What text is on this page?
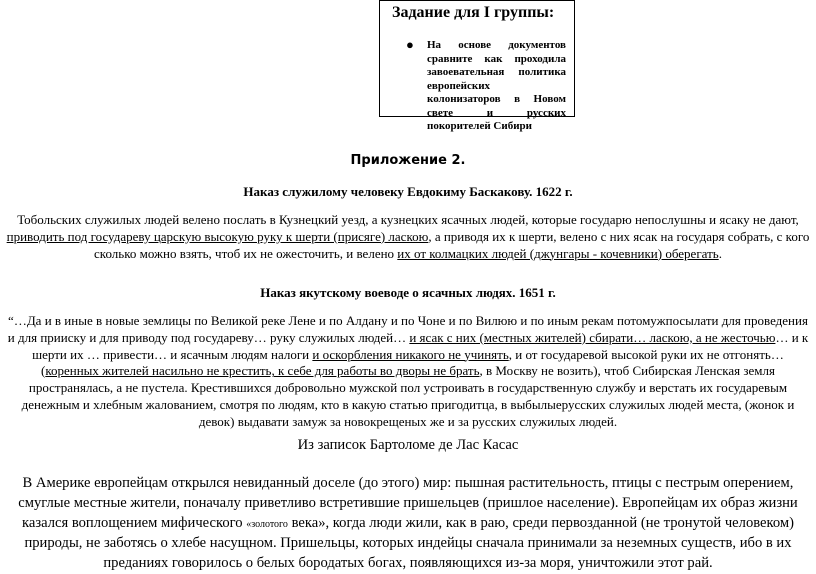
Задание для I группы:

●	На основе документов сравните как проходила завоевательная политика европейских колонизаторов в Новом свете и русских покорителей Сибири

Приложение 2.

Наказ служилому человеку Евдокиму Баскакову. 1622 г.

Тобольских служилых людей велено послать в Кузнецкий уезд, а кузнецких ясачных людей, которые государю непослушны и ясаку не дают, приводить под государеву царскую высокую руку к шерти (присяге) ласкою, а приводя их к шерти, велено с них ясак на государя собрать, с кого сколько можно взять, чтоб их не ожесточить, и велено их от колмацких людей (джунгары - кочевники) оберегать.

Наказ якутскому воеводе о ясачных людях. 1651 г.

“…Да и в иные в новые землицы по Великой реке Лене и по Алдану и по Чоне и по Вилюю и по иным рекам потомужпосылати для проведения и для прииску и для приводу под государеву… руку служилых людей… и ясак с них (местных жителей) сбирати… ласкою, а не жесточью… и к шерти их … привести… и ясачным людям налоги и оскорбления никакого не учинять, и от государевой высокой руки их не отгонять… (коренных жителей насильно не крестить, к себе для работы во дворы не брать, в Москву не возить), чтоб Сибирская Ленская земля пространялась, а не пустела. Крестившихся добровольно мужской пол устроивать в государственную службу и верстать их государевым денежным и хлебным жалованием, смотря по людям, кто в какую статью пригодитца, в выбылыерусских служилых людей места, (жонок и девок) выдавати замуж за новокрещеных же и за русских служилых людей.

Из записок Бартоломе де Лас Касас

В Америке европейцам открылся невиданный доселе (до этого) мир: пышная растительность, птицы с пестрым оперением, смуглые местные жители, поначалу приветливо встретившие пришельцев (пришлое население). Европейцам их образ жизни казался воплощением мифического «золотого века», когда люди жили, как в раю, среди первозданной (не тронутой человеком) природы, не заботясь о хлебе насущном. Пришельцы, которых индейцы сначала принимали за неземных существ, ибо в их преданиях говорилось о белых бородатых богах, появляющихся из-за моря, уничтожили этот рай.
